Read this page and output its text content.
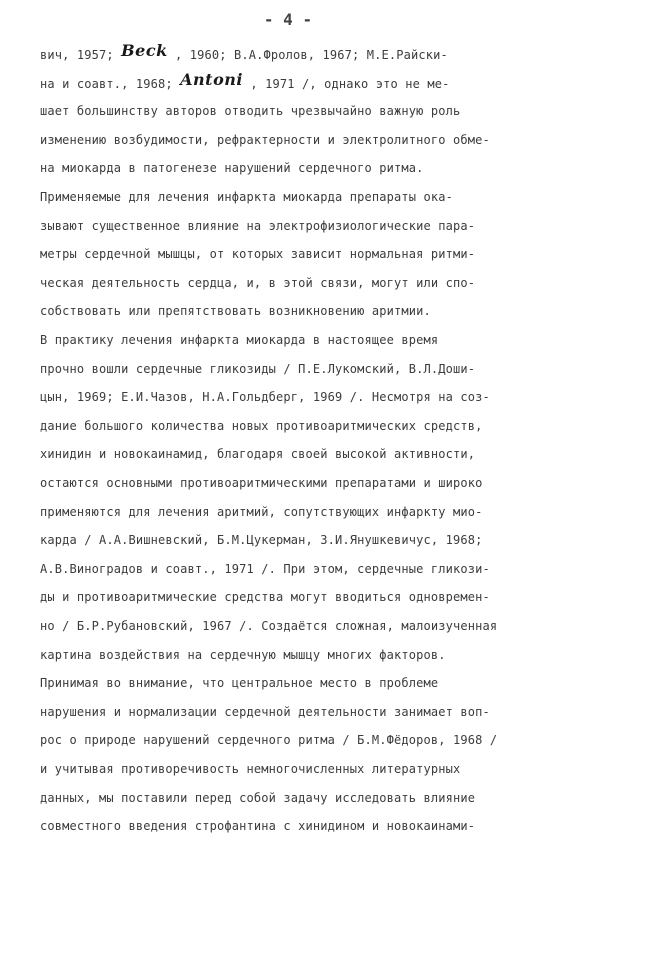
- 4 -
вич, 1957; Beck , 1960; В.А.Фролов, 1967; М.Е.Райски-
на и соавт., 1968; Antoni , 1971 /, однако это не ме-
шает большинству авторов отводить чрезвычайно важную роль
изменению возбудимости, рефрактерности и электролитного обме-
на миокарда в патогенезе нарушений сердечного ритма.
Применяемые для лечения инфаркта миокарда препараты ока-
зывают существенное влияние на электрофизиологические пара-
метры сердечной мышцы, от которых зависит нормальная ритми-
ческая деятельность сердца, и, в этой связи, могут или спо-
собствовать или препятствовать возникновению аритмии.
В практику лечения инфаркта миокарда в настоящее время
прочно вошли сердечные гликозиды / П.Е.Лукомский, В.Л.Доши-
цын, 1969; Е.И.Чазов, Н.А.Гольдберг, 1969 /. Несмотря на соз-
дание большого количества новых противоаритмических средств,
хинидин и новокаинамид, благодаря своей высокой активности,
остаются основными противоаритмическими препаратами и широко
применяются для лечения аритмий, сопутствующих инфаркту мио-
карда / А.А.Вишневский, Б.М.Цукерман, З.И.Янушкевичус, 1968;
А.В.Виноградов и соавт., 1971 /. При этом, сердечные гликози-
ды и противоаритмические средства могут вводиться одновремен-
но / Б.Р.Рубановский, 1967 /. Создаётся сложная, малоизученная
картина воздействия на сердечную мышцу многих факторов.
Принимая во внимание, что центральное место в проблеме
нарушения и нормализации сердечной деятельности занимает воп-
рос о природе нарушений сердечного ритма / Б.М.Фёдоров, 1968 /
и учитывая противоречивость немногочисленных литературных
данных, мы поставили перед собой задачу исследовать влияние
совместного введения строфантина с хинидином и новокаинами-
